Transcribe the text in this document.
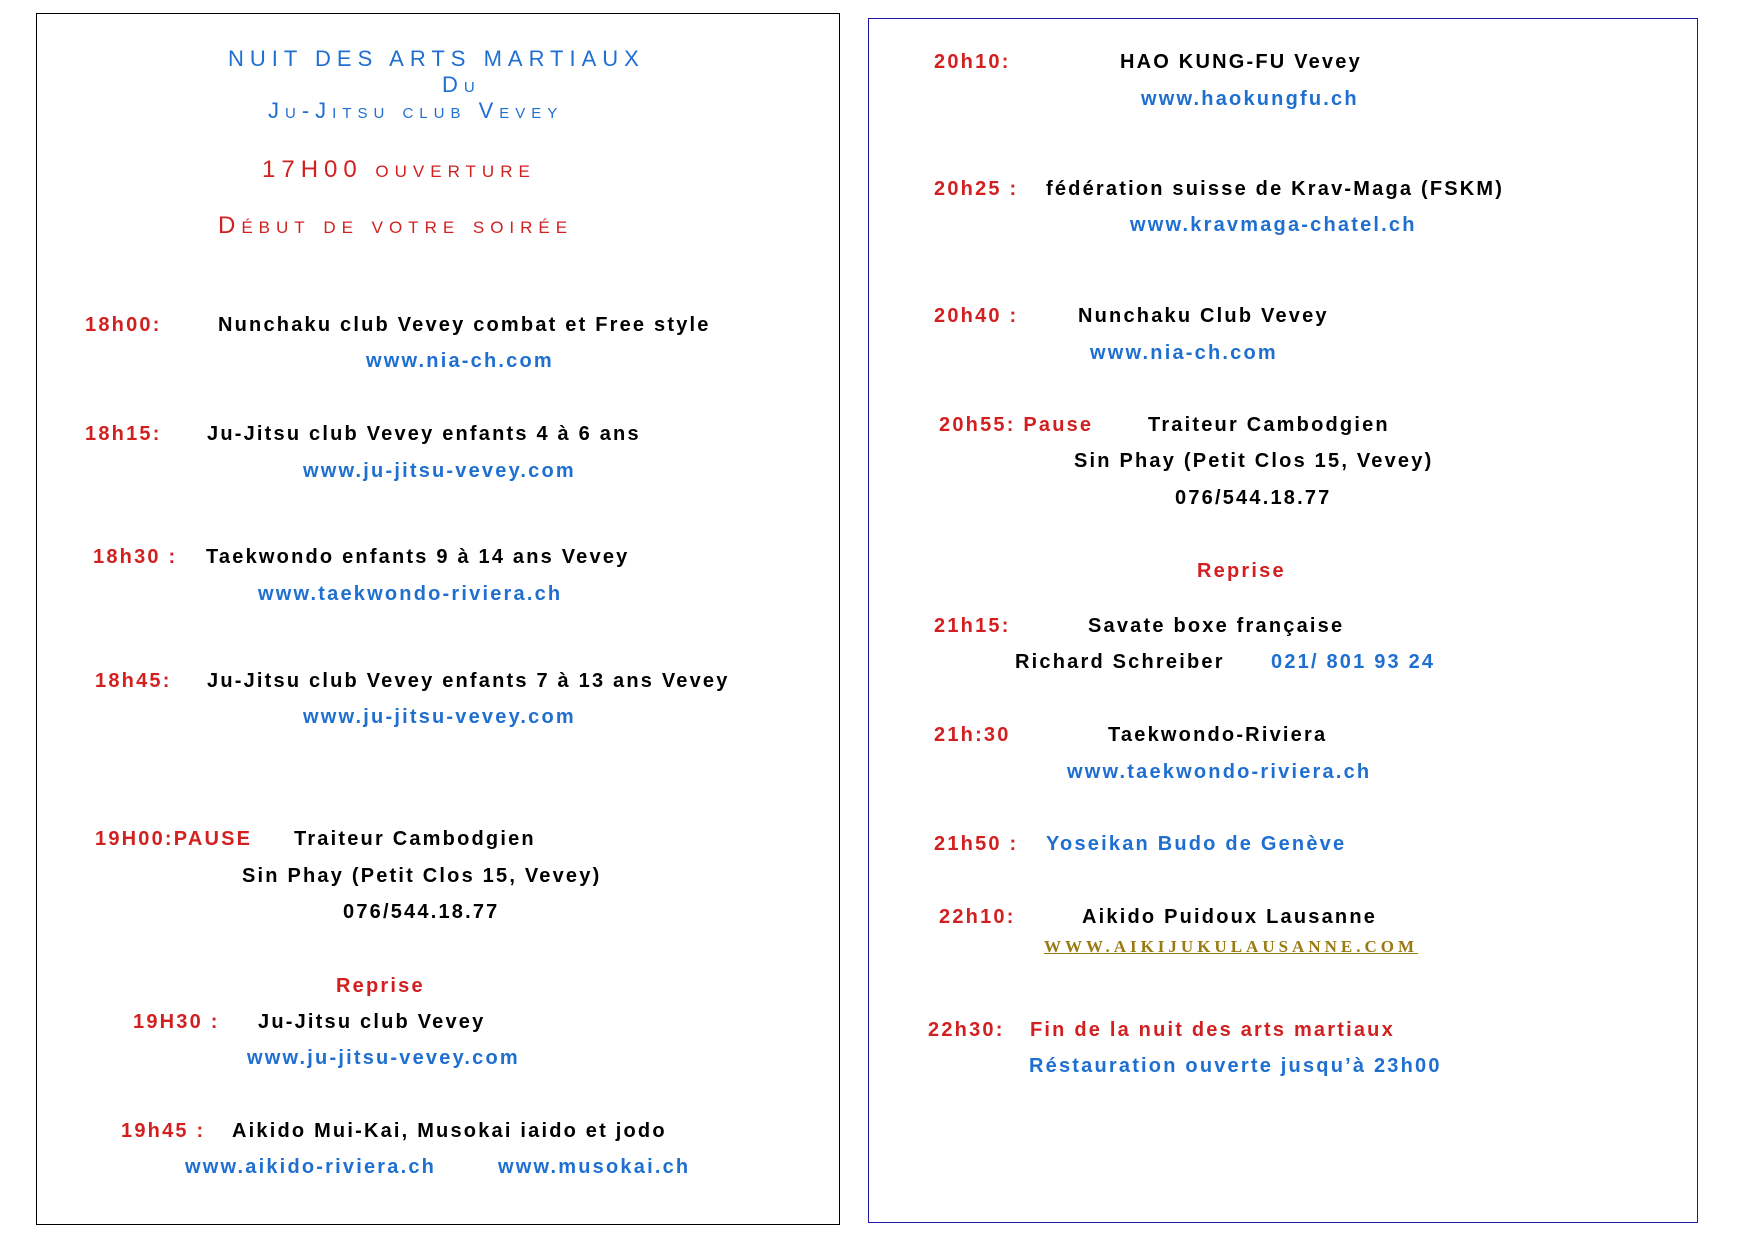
NUIT DES ARTS MARTIAUX
Du
Ju-Jitsu club Vevey
17H00 ouverture
Début de votre soirée
18h00:	Nunchaku club Vevey combat et Free style
www.nia-ch.com
18h15: Ju-Jitsu club Vevey enfants 4 à 6 ans
www.ju-jitsu-vevey.com
18h30 : Taekwondo enfants 9 à 14 ans Vevey
www.taekwondo-riviera.ch
18h45: Ju-Jitsu club Vevey enfants 7 à 13 ans Vevey
www.ju-jitsu-vevey.com
19H00:PAUSE Traiteur Cambodgien
Sin Phay (Petit Clos 15, Vevey)
076/544.18.77
Reprise
19H30 : Ju-Jitsu club Vevey
www.ju-jitsu-vevey.com
19h45 : Aikido Mui-Kai, Musokai iaido et jodo
www.aikido-riviera.ch	www.musokai.ch
20h10:	HAO KUNG-FU Vevey
www.haokungfu.ch
20h25 : fédération suisse de Krav-Maga (FSKM)
www.kravmaga-chatel.ch
20h40 :	Nunchaku Club Vevey
www.nia-ch.com
20h55: Pause	Traiteur Cambodgien
Sin Phay (Petit Clos 15, Vevey)
076/544.18.77
Reprise
21h15:	Savate boxe française
Richard Schreiber 021/ 801 93 24
21h:30	Taekwondo-Riviera
www.taekwondo-riviera.ch
21h50 : Yoseikan Budo de Genève
22h10:	Aikido Puidoux Lausanne
WWW.AIKIJUKULAUSANNE.COM
22h30: Fin de la nuit des arts martiaux
Réstauration ouverte jusqu’à 23h00
